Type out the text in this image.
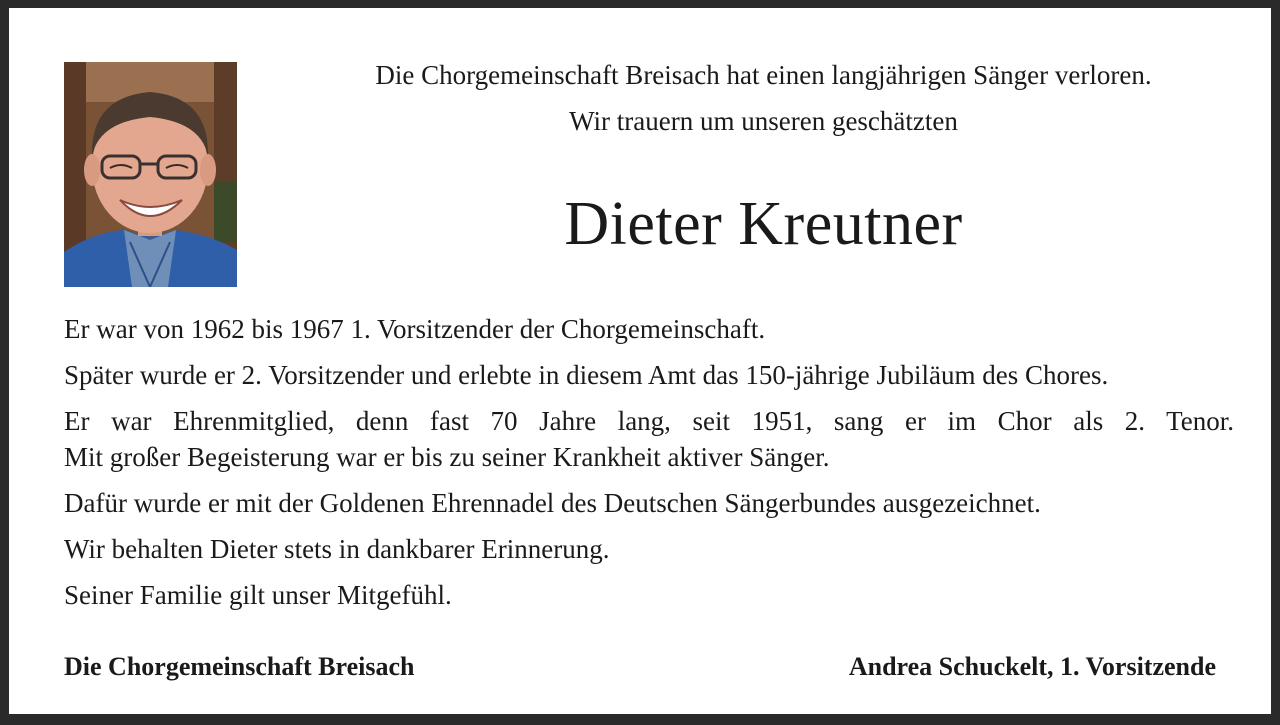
Die Chorgemeinschaft Breisach hat einen langjährigen Sänger verloren.
Wir trauern um unseren geschätzten
Dieter Kreutner
Er war von 1962 bis 1967 1. Vorsitzender der Chorgemeinschaft.
Später wurde er 2. Vorsitzender und erlebte in diesem Amt das 150-jährige Jubiläum des Chores.
Er war Ehrenmitglied, denn fast 70 Jahre lang, seit 1951, sang er im Chor als 2. Tenor.
Mit großer Begeisterung war er bis zu seiner Krankheit aktiver Sänger.
Dafür wurde er mit der Goldenen Ehrennadel des Deutschen Sängerbundes ausgezeichnet.
Wir behalten Dieter stets in dankbarer Erinnerung.
Seiner Familie gilt unser Mitgefühl.
Die Chorgemeinschaft Breisach	Andrea Schuckelt, 1. Vorsitzende
